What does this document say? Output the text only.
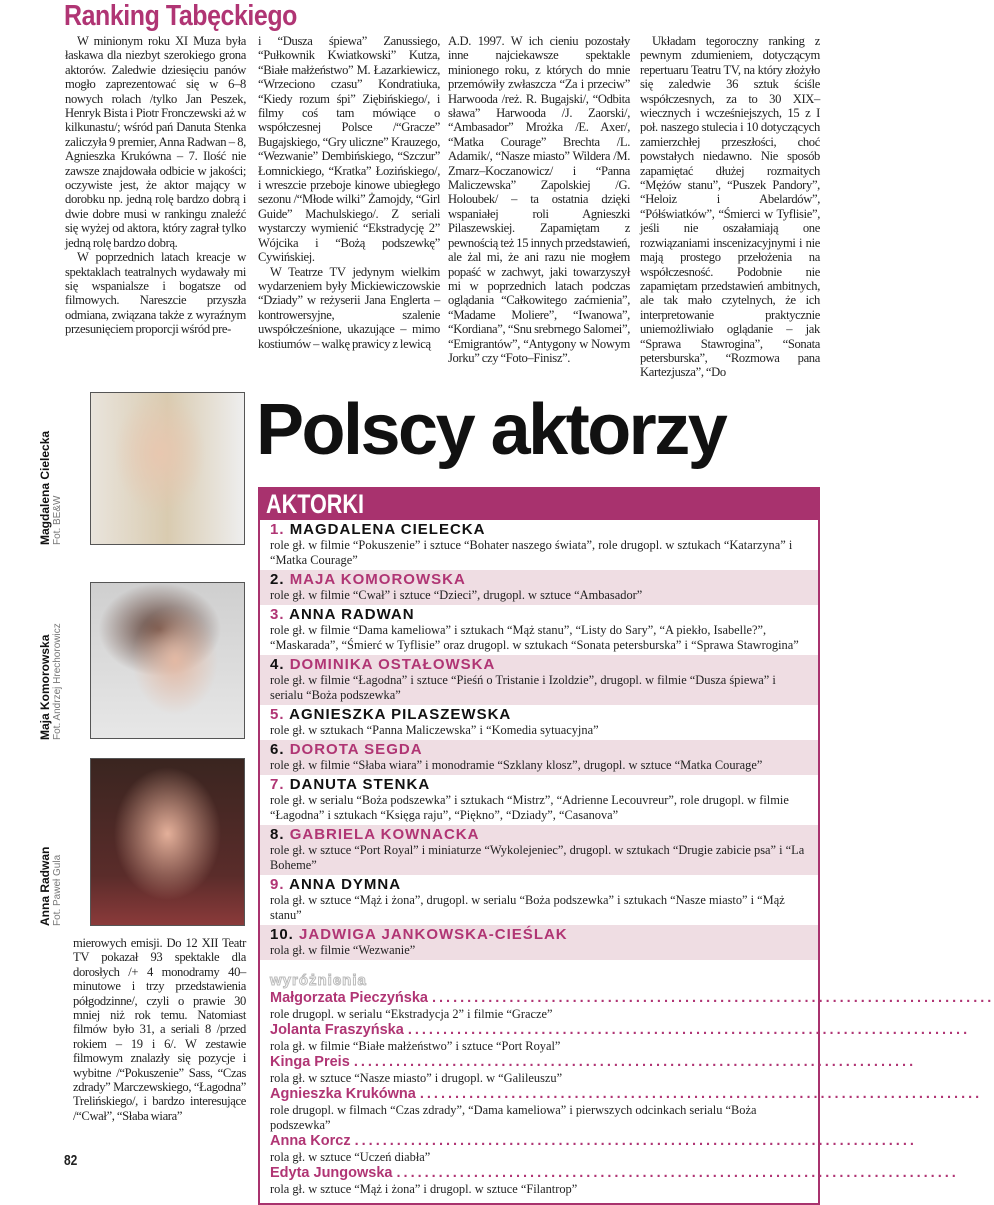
Ranking Tabęckiego

W minionym roku XI Muza była łaskawa dla niezbyt szerokiego grona aktorów. Zaledwie dziesięciu panów mogło zaprezentować się w 6–8 nowych rolach /tylko Jan Peszek, Henryk Bista i Piotr Fronczewski aż w kilkunastu/; wśród pań Danuta Stenka zaliczyła 9 premier, Anna Radwan – 8, Agnieszka Krukówna – 7. Ilość nie zawsze znajdowała odbicie w jakości; oczywiste jest, że aktor mający w dorobku np. jedną rolę bardzo dobrą i dwie dobre musi w rankingu znaleźć się wyżej od aktora, który zagrał tylko jedną rolę bardzo dobrą.

W poprzednich latach kreacje w spektaklach teatralnych wydawały mi się wspanialsze i bogatsze od filmowych. Nareszcie przyszła odmiana, związana także z wyraźnym przesunięciem proporcji wśród pre-

i “Dusza śpiewa” Zanussiego, “Pułkownik Kwiatkowski” Kutza, “Białe małżeństwo” M. Łazarkiewicz, “Wrzeciono czasu” Kondratiuka, “Kiedy rozum śpi” Ziębińskiego/, i filmy coś tam mówiące o współczesnej Polsce /“Gracze” Bugajskiego, “Gry uliczne” Krauzego, “Wezwanie” Dembińskiego, “Szczur” Łomnickiego, “Kratka” Łozińskiego/, i wreszcie przeboje kinowe ubiegłego sezonu /“Młode wilki” Żamojdy, “Girl Guide” Machulskiego/. Z seriali wystarczy wymienić “Ekstradycję 2” Wójcika i “Bożą podszewkę” Cywińskiej.

W Teatrze TV jedynym wielkim wydarzeniem były Mickiewiczowskie “Dziady” w reżyserii Jana Englerta – kontrowersyjne, szalenie uwspółcześnione, ukazujące – mimo kostiumów – walkę prawicy z lewicą

A.D. 1997. W ich cieniu pozostały inne najciekawsze spektakle minionego roku, z których do mnie przemówiły zwłaszcza “Za i przeciw” Harwooda /reż. R. Bugajski/, “Odbita sława” Harwooda /J. Zaorski/, “Ambasador” Mrożka /E. Axer/, “Matka Courage” Brechta /L. Adamik/, “Nasze miasto” Wildera /M. Zmarz–Koczanowicz/ i “Panna Maliczewska” Zapolskiej /G. Holoubek/ – ta ostatnia dzięki wspaniałej roli Agnieszki Pilaszewskiej. Zapamiętam z pewnością też 15 innych przedstawień, ale żal mi, że ani razu nie mogłem popaść w zachwyt, jaki towarzyszył mi w poprzednich latach podczas oglądania “Całkowitego zaćmienia”, “Madame Moliere”, “Iwanowa”, “Kordiana”, “Snu srebrnego Salomei”, “Emigrantów”, “Antygony w Nowym Jorku” czy “Foto–Finisz”.

Układam tegoroczny ranking z pewnym zdumieniem, dotyczącym repertuaru Teatru TV, na który złożyło się zaledwie 36 sztuk ściśle współczesnych, za to 30 XIX–wiecznych i wcześniejszych, 15 z I poł. naszego stulecia i 10 dotyczących zamierzchłej przeszłości, choć powstałych niedawno. Nie sposób zapamiętać dłużej rozmaitych “Mężów stanu”, “Puszek Pandory”, “Heloiz i Abelardów”, “Półświatków”, “Śmierci w Tyflisie”, jeśli nie oszałamiają one rozwiązaniami inscenizacyjnymi i nie mają prostego przełożenia na współczesność. Podobnie nie zapamiętam przedstawień ambitnych, ale tak mało czytelnych, że ich interpretowanie praktycznie uniemożliwiało oglądanie – jak “Sprawa Stawrogina”, “Sonata petersburska”, “Rozmowa pana Kartezjusza”, “Do

Magdalena Cielecka Fot. BE&W
Maja Komorowska Fot. Andrzej Hrechorowicz
Anna Radwan Fot. Paweł Gula
Polscy aktorzy
AKTORKI
1. MAGDALENA CIELECKA
role gł. w filmie “Pokuszenie” i sztuce “Bohater naszego świata”, role drugopl. w sztukach “Katarzyna” i “Matka Courage”
2. MAJA KOMOROWSKA
role gł. w filmie “Cwał” i sztuce “Dzieci”, drugopl. w sztuce “Ambasador”
3. ANNA RADWAN
role gł. w filmie “Dama kameliowa” i sztukach “Mąż stanu”, “Listy do Sary”, “A piekło, Isabelle?”, “Maskarada”, “Śmierć w Tyflisie” oraz drugopl. w sztukach “Sonata petersburska” i “Sprawa Stawrogina”
4. DOMINIKA OSTAŁOWSKA
role gł. w filmie “Łagodna” i sztuce “Pieśń o Tristanie i Izoldzie”, drugopl. w filmie “Dusza śpiewa” i serialu “Boża podszewka”
5. AGNIESZKA PILASZEWSKA
role gł. w sztukach “Panna Maliczewska” i “Komedia sytuacyjna”
6. DOROTA SEGDA
role gł. w filmie “Słaba wiara” i monodramie “Szklany klosz”, drugopl. w sztuce “Matka Courage”
7. DANUTA STENKA
role gł. w serialu “Boża podszewka” i sztukach “Mistrz”, “Adrienne Lecouvreur”, role drugopl. w filmie “Łagodna” i sztukach “Księga raju”, “Piękno”, “Dziady”, “Casanova”
8. GABRIELA KOWNACKA
role gł. w sztuce “Port Royal” i miniaturze “Wykolejeniec”, drugopl. w sztukach “Drugie zabicie psa” i “La Boheme”
9. ANNA DYMNA
rola gł. w sztuce “Mąż i żona”, drugopl. w serialu “Boża podszewka” i sztukach “Nasze miasto” i “Mąż stanu”
10. JADWIGA JANKOWSKA-CIEŚLAK
rola gł. w filmie “Wezwanie”
wyróżnienia
Małgorzata Pieczyńska ................................................................................
role drugopl. w serialu “Ekstradycja 2” i filmie “Gracze”
Jolanta Fraszyńska ................................................................................
rola gł. w filmie “Białe małżeństwo” i sztuce “Port Royal”
Kinga Preis ................................................................................
rola gł. w sztuce “Nasze miasto” i drugopl. w “Galileuszu”
Agnieszka Krukówna ................................................................................
role drugopl. w filmach “Czas zdrady”, “Dama kameliowa” i pierwszych odcinkach serialu “Boża podszewka”
Anna Korcz ................................................................................
rola gł. w sztuce “Uczeń diabła”
Edyta Jungowska ................................................................................
rola gł. w sztuce “Mąż i żona” i drugopl. w sztuce “Filantrop”

mierowych emisji. Do 12 XII Teatr TV pokazał 93 spektakle dla dorosłych /+ 4 monodramy 40–minutowe i trzy przedstawienia półgodzinne/, czyli o prawie 30 mniej niż rok temu. Natomiast filmów było 31, a seriali 8 /przed rokiem – 19 i 6/. W zestawie filmowym znalazły się pozycje i wybitne /“Pokuszenie” Sass, “Czas zdrady” Marczewskiego, “Łagodna” Trelińskiego/, i bardzo interesujące /“Cwał”, “Słaba wiara”

82
